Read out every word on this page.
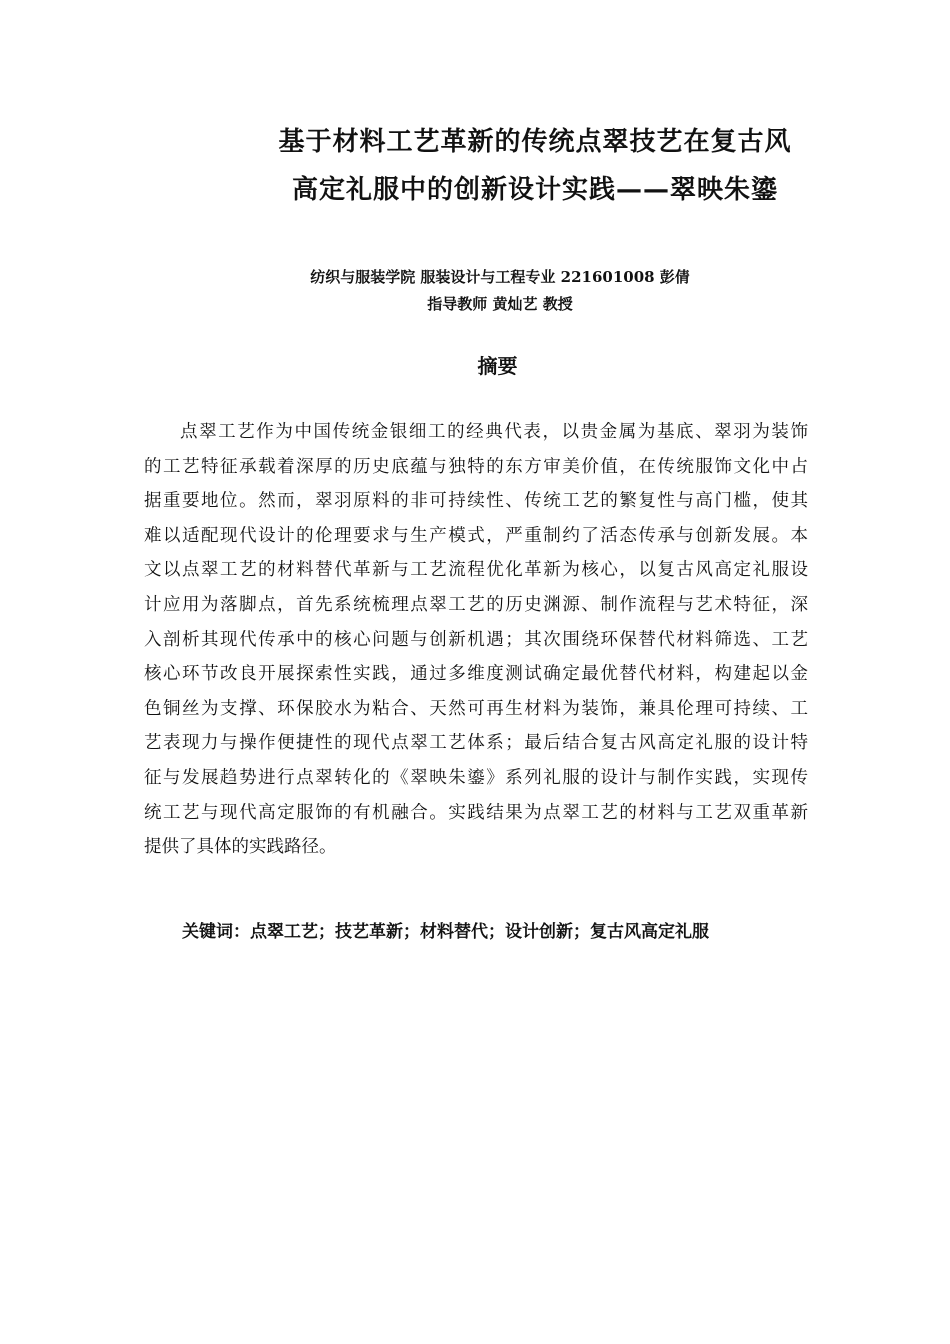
基于材料工艺革新的传统点翠技艺在复古风
高定礼服中的创新设计实践——翠映朱鎏
纺织与服装学院 服装设计与工程专业 221601008 彭倩
指导教师 黄灿艺 教授
摘要
点翠工艺作为中国传统金银细工的经典代表，以贵金属为基底、翠羽为装饰
的工艺特征承载着深厚的历史底蕴与独特的东方审美价值，在传统服饰文化中占
据重要地位。然而，翠羽原料的非可持续性、传统工艺的繁复性与高门槛，使其
难以适配现代设计的伦理要求与生产模式，严重制约了活态传承与创新发展。本
文以点翠工艺的材料替代革新与工艺流程优化革新为核心，以复古风高定礼服设
计应用为落脚点，首先系统梳理点翠工艺的历史渊源、制作流程与艺术特征，深
入剖析其现代传承中的核心问题与创新机遇；其次围绕环保替代材料筛选、工艺
核心环节改良开展探索性实践，通过多维度测试确定最优替代材料，构建起以金
色铜丝为支撑、环保胶水为粘合、天然可再生材料为装饰，兼具伦理可持续、工
艺表现力与操作便捷性的现代点翠工艺体系；最后结合复古风高定礼服的设计特
征与发展趋势进行点翠转化的《翠映朱鎏》系列礼服的设计与制作实践，实现传
统工艺与现代高定服饰的有机融合。实践结果为点翠工艺的材料与工艺双重革新
提供了具体的实践路径。
关键词：点翠工艺；技艺革新；材料替代；设计创新；复古风高定礼服
